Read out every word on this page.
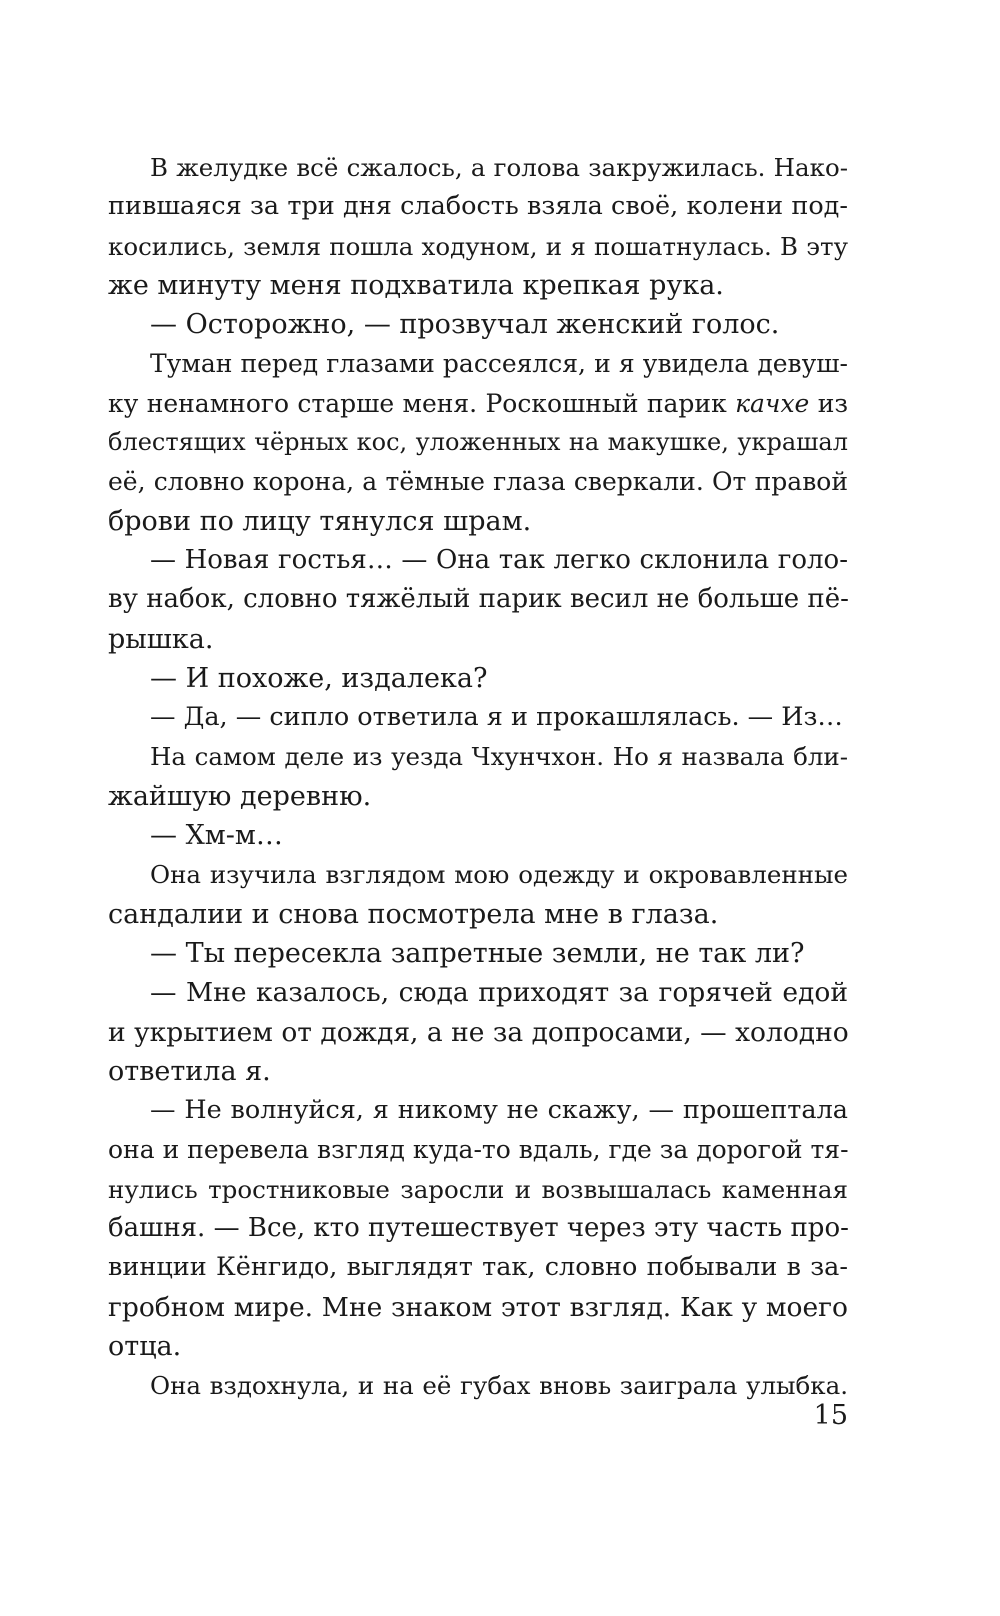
В желудке всё сжалось, а голова закружилась. Нако-
пившаяся за три дня слабость взяла своё, колени под-
косились, земля пошла ходуном, и я пошатнулась. В эту
же минуту меня подхватила крепкая рука.
— Осторожно, — прозвучал женский голос.
Туман перед глазами рассеялся, и я увидела девуш-
ку ненамного старше меня. Роскошный парик качхе из
блестящих чёрных кос, уложенных на макушке, украшал
её, словно корона, а тёмные глаза сверкали. От правой
брови по лицу тянулся шрам.
— Новая гостья… — Она так легко склонила голо-
ву набок, словно тяжёлый парик весил не больше пё-
рышка.
— И похоже, издалека?
— Да, — сипло ответила я и прокашлялась. — Из…
На самом деле из уезда Чхунчхон. Но я назвала бли-
жайшую деревню.
— Хм-м…
Она изучила взглядом мою одежду и окровавленные
сандалии и снова посмотрела мне в глаза.
— Ты пересекла запретные земли, не так ли?
— Мне казалось, сюда приходят за горячей едой
и укрытием от дождя, а не за допросами, — холодно
ответила я.
— Не волнуйся, я никому не скажу, — прошептала
она и перевела взгляд куда-то вдаль, где за дорогой тя-
нулись тростниковые заросли и возвышалась каменная
башня. — Все, кто путешествует через эту часть про-
винции Кёнгидо, выглядят так, словно побывали в за-
гробном мире. Мне знаком этот взгляд. Как у моего
отца.
Она вздохнула, и на её губах вновь заиграла улыбка.
15
